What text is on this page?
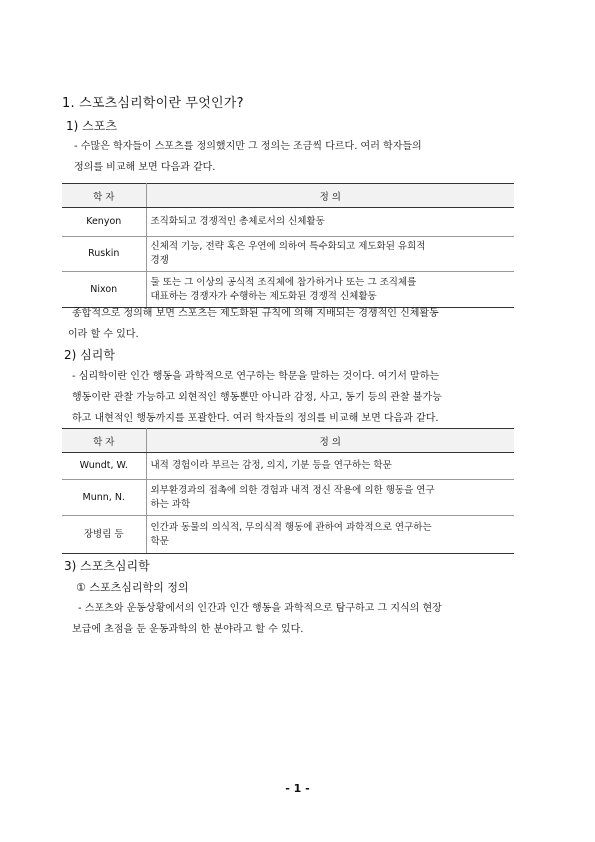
1. 스포츠심리학이란 무엇인가?
1) 스포츠
- 수많은 학자들이 스포츠를 정의했지만 그 정의는 조금씩 다르다. 여러 학자들의
정의를 비교해 보면 다음과 같다.
학 자	정 의
Kenyon	조직화되고 경쟁적인 총체로서의 신체활동

Ruskin	신체적 기능, 전략 혹은 우연에 의하여 특수화되고 제도화된 유희적
경쟁

Nixon	둘 또는 그 이상의 공식적 조직체에 참가하거나 또는 그 조직체를
대표하는 경쟁자가 수행하는 제도화된 경쟁적 신체활동
종합적으로 정의해 보면 스포츠는 제도화된 규칙에 의해 지배되는 경쟁적인 신체활동
이라 할 수 있다.
2) 심리학
- 심리학이란 인간 행동을 과학적으로 연구하는 학문을 말하는 것이다. 여기서 말하는
행동이란 관찰 가능하고 외현적인 행동뿐만 아니라 감정, 사고, 동기 등의 관찰 불가능
하고 내현적인 행동까지를 포괄한다. 여러 학자들의 정의를 비교해 보면 다음과 같다.
학 자	정 의
Wundt, W.	내적 경험이라 부르는 감정, 의지, 기분 등을 연구하는 학문

Munn, N.	외부환경과의 접촉에 의한 경험과 내적 정신 작용에 의한 행동을 연구
하는 과학

장병림 등	인간과 동물의 의식적, 무의식적 행동에 관하여 과학적으로 연구하는
학문
3) 스포츠심리학
① 스포츠심리학의 정의
- 스포츠와 운동상황에서의 인간과 인간 행동을 과학적으로 탐구하고 그 지식의 현장
보급에 초점을 둔 운동과학의 한 분야라고 할 수 있다.
- 1 -
